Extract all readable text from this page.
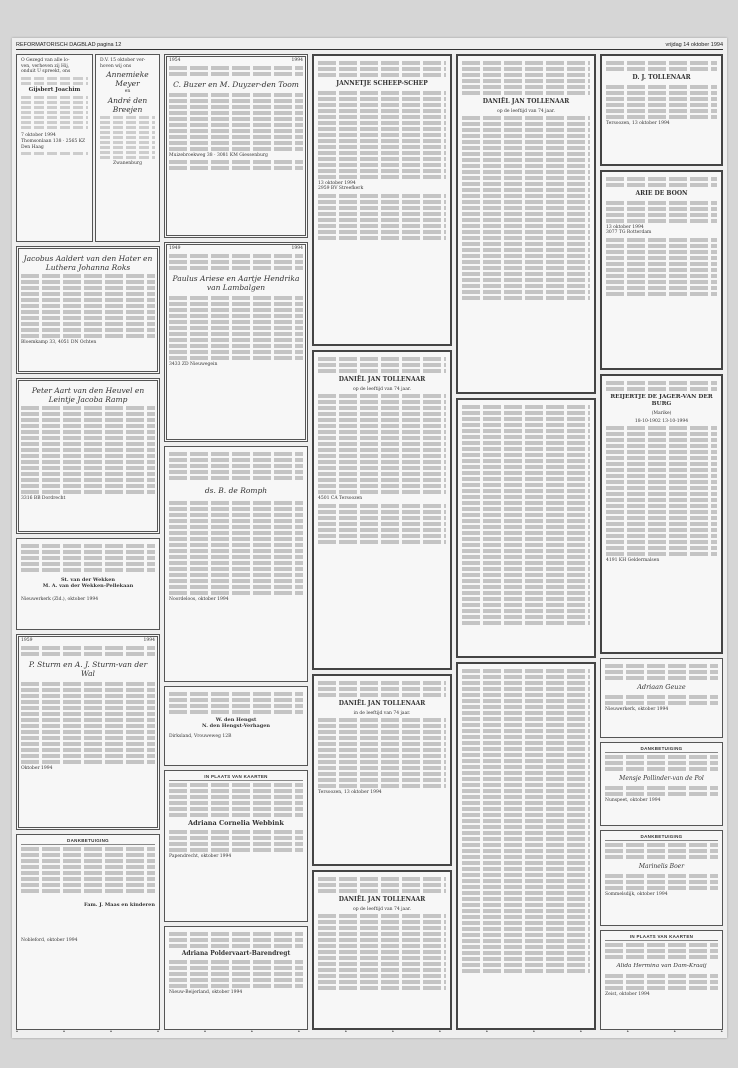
REFORMATORISCH DAGBLAD pagina 12	vrijdag 14 oktober 1994
O Gezegd van alle lo-
ven, verheven zij Hij,
onduit U spreekt, ons
Gijsbert Joachim
7 oktober 1994
Thomsonlaan 138 · 2565 KZ Den Haag
D.V. 15 oktober ver-hoven wij ons
Annemieke Meyer
en
André den Breejen
Zwanenburg
Jacobus Aaldert van den Hater en Luthera Johanna Roks
Bloemkamp 33, 4051 DN Ochten
Peter Aart van den Heuvel en Leintje Jacoba Ramp
3316 BB Dordrecht
St. van der Wekken
M. A. van der Wekken-Pellekaan
Nieuwerkerk (Zld.), oktober 1994
1959	1994
P. Sturm en A. J. Sturm-van der Wal
Oktober 1994
DANKBETUIGING
Fam. J. Maas en kinderen
Nobleford, oktober 1994
1954	1994
C. Buzer en M. Duyzer-den Toom
Muizebroekweg 38 · 3081 KM Giessenburg
1949	1994
Paulus Ariese en Aartje Hendrika van Lambalgen
3433 ZD Nieuwegein
ds. B. de Romph
Noordeloos, oktober 1994
W. den Hengst
N. den Hengst-Verhagen
Dirksland, Vrouweweg 12B
IN PLAATS VAN KAARTEN
Adriana Cornelia Webbink
Papendrecht, oktober 1994
Adriana Poldervaart-Barendregt
Nieuw-Beijerland, oktober 1994
JANNETJE SCHEEP-SCHEP
13 oktober 1994
2959 BV Streefkerk
DANIËL JAN TOLLENAAR
op de leeftijd van 74 jaar.
4501 CA Tersoozen
DANIËL JAN TOLLENAAR
in de leeftijd van 74 jaar.
Tersoozen, 13 oktober 1994
DANIËL JAN TOLLENAAR
op de leeftijd van 74 jaar.
DANIËL JAN TOLLENAAR
op de leeftijd van 74 jaar.
D. J. TOLLENAAR
Tersoozen, 13 oktober 1994
ARIE DE BOON
13 oktober 1994
3077 TG Rotterdam
REIJERTJE DE JAGER-VAN DER BURG
(Marike)
18-10-1902 13-10-1994
4191 KH Geldermalsen
Adriaan Geuze
Nieuwerkerk, oktober 1994
DANKBETUIGING
Mensje Pollinder-van de Pol
Nunspeet, oktober 1994
DANKBETUIGING
Marinelis Boer
Sommelsdijk, oktober 1994
IN PLAATS VAN KAARTEN
Alida Hermina van Dam-Kraaij
Zeist, oktober 1994
▴	▴	▴	▴	▴	▴	▴	▴	▴	▴	▴	▴	▴	▴	▴	▴
